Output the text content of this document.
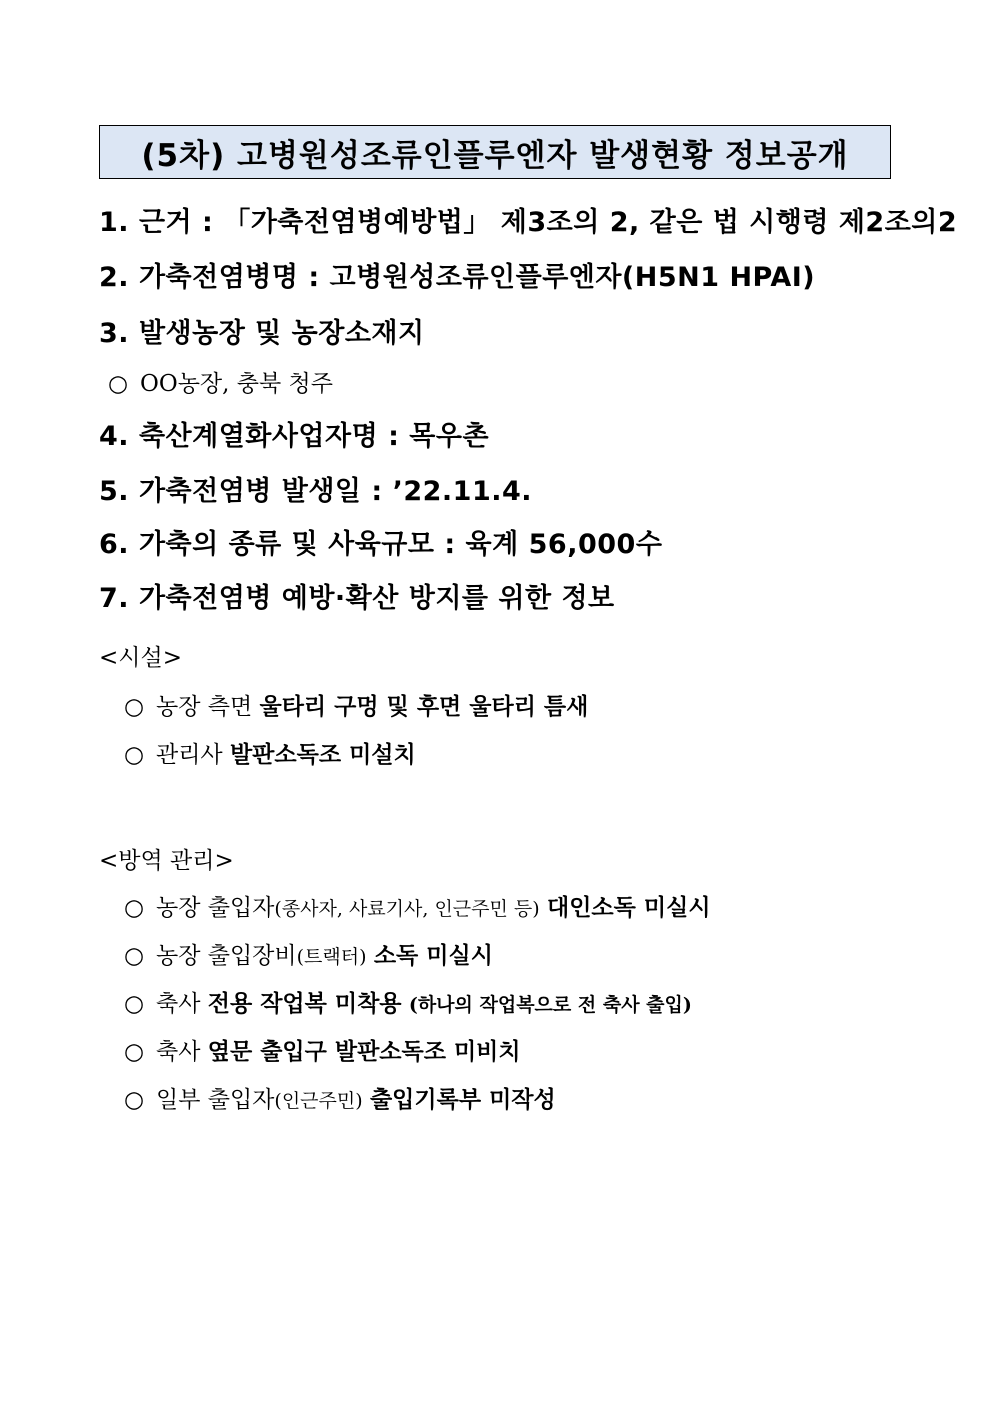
(5차) 고병원성조류인플루엔자 발생현황 정보공개
1. 근거 : 「가축전염병예방법」 제3조의 2, 같은 법 시행령 제2조의2
2. 가축전염병명 : 고병원성조류인플루엔자(H5N1 HPAI)
3. 발생농장 및 농장소재지
○ OO농장, 충북 청주
4. 축산계열화사업자명 : 목우촌
5. 가축전염병 발생일 : ’22.11.4.
6. 가축의 종류 및 사육규모 : 육계 56,000수
7. 가축전염병 예방·확산 방지를 위한 정보
<시설>
○ 농장 측면 울타리 구멍 및 후면 울타리 틈새
○ 관리사 발판소독조 미설치
<방역 관리>
○ 농장 출입자(종사자, 사료기사, 인근주민 등) 대인소독 미실시
○ 농장 출입장비(트랙터) 소독 미실시
○ 축사 전용 작업복 미착용 (하나의 작업복으로 전 축사 출입)
○ 축사 옆문 출입구 발판소독조 미비치
○ 일부 출입자(인근주민) 출입기록부 미작성
